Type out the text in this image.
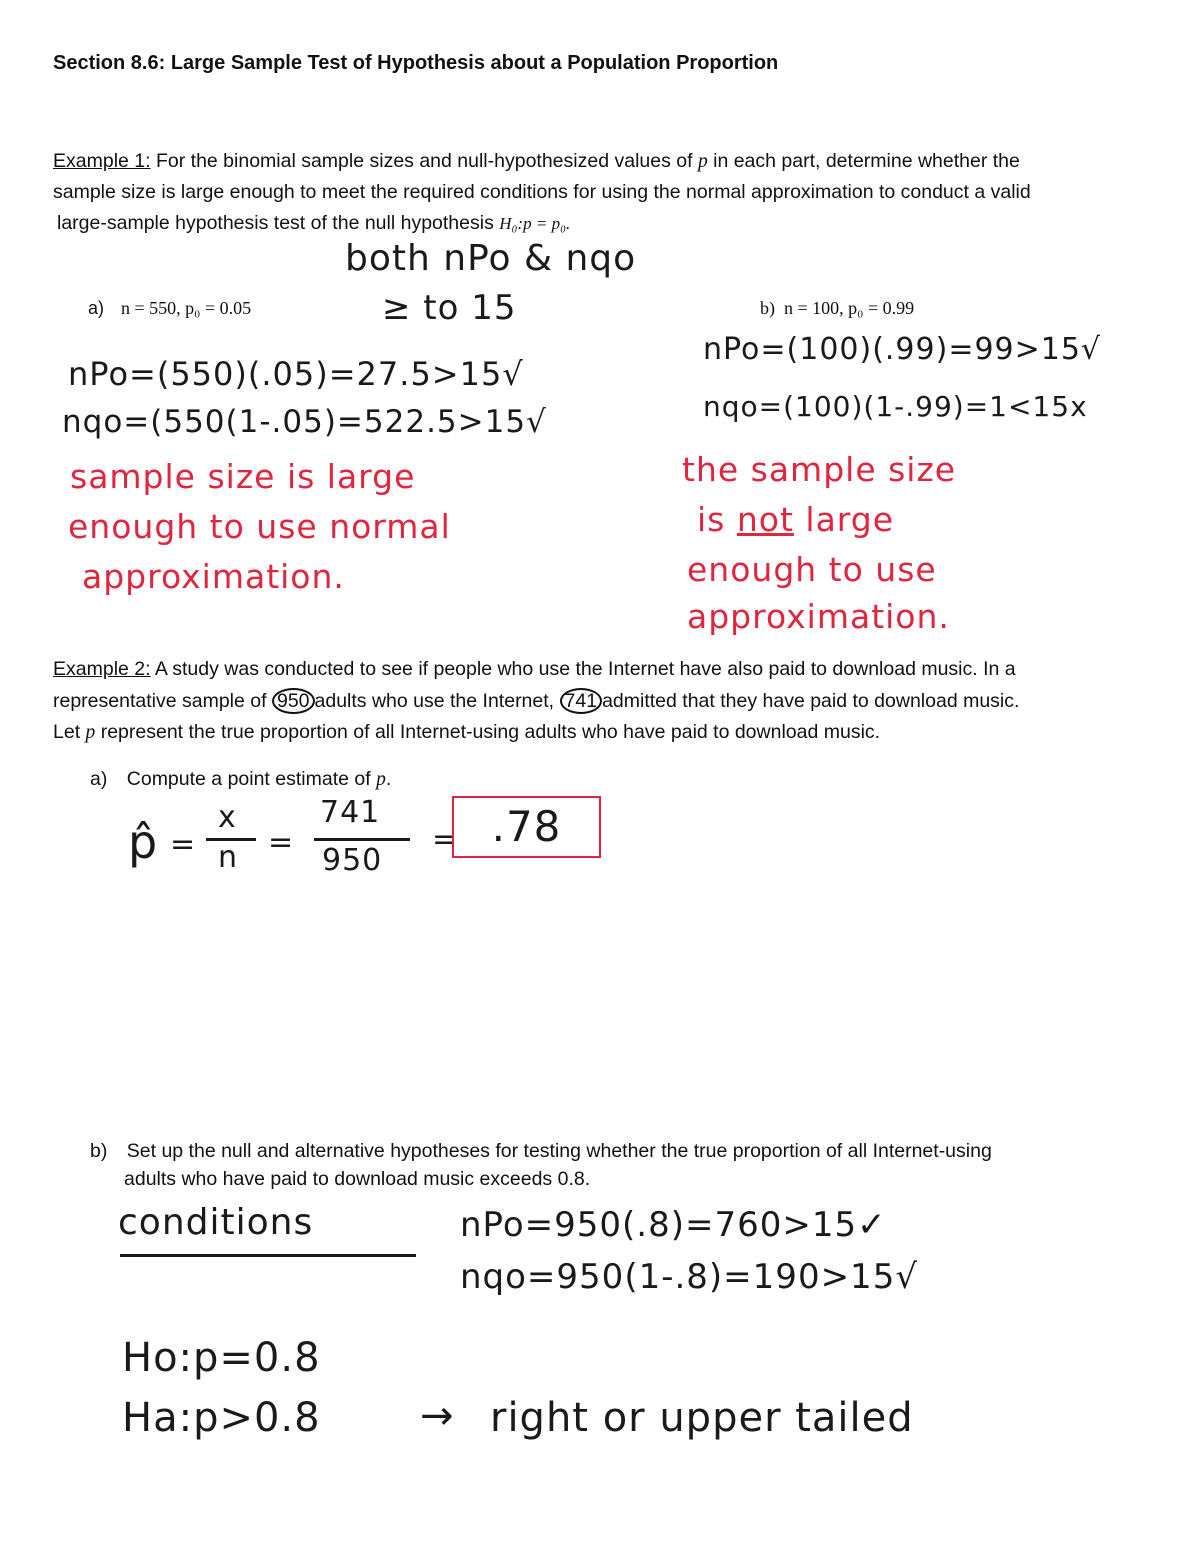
Section 8.6: Large Sample Test of Hypothesis about a Population Proportion
Example 1: For the binomial sample sizes and null-hypothesized values of p in each part, determine whether the
sample size is large enough to meet the required conditions for using the normal approximation to conduct a valid
large-sample hypothesis test of the null hypothesis H₀:p = p₀.
both nPo & nqo
≥ to 15
a) n = 550, p₀ = 0.05	b) n = 100, p₀ = 0.99
nPo=(550)(.05)=27.5>15√
nqo=(550(1-.05)=522.5>15√
sample size is large
enough to use normal
approximation.
nPo=(100)(.99)=99>15√
nqo=(100)(1-.99)=1<15x
the sample size
is not large
enough to use
approximation.
Example 2: A study was conducted to see if people who use the Internet have also paid to download music. In a
representative sample of 950 adults who use the Internet, 741 admitted that they have paid to download music.
Let p represent the true proportion of all Internet-using adults who have paid to download music.
a) Compute a point estimate of p.
p̂ =
x
n =
741
950
= .78
b) Set up the null and alternative hypotheses for testing whether the true proportion of all Internet-using
adults who have paid to download music exceeds 0.8.
conditions	nPo=950(.8)=760>15✓
nqo=950(1-.8)=190>15√
Ho:p=0.8
Ha:p>0.8 → right or upper tailed
